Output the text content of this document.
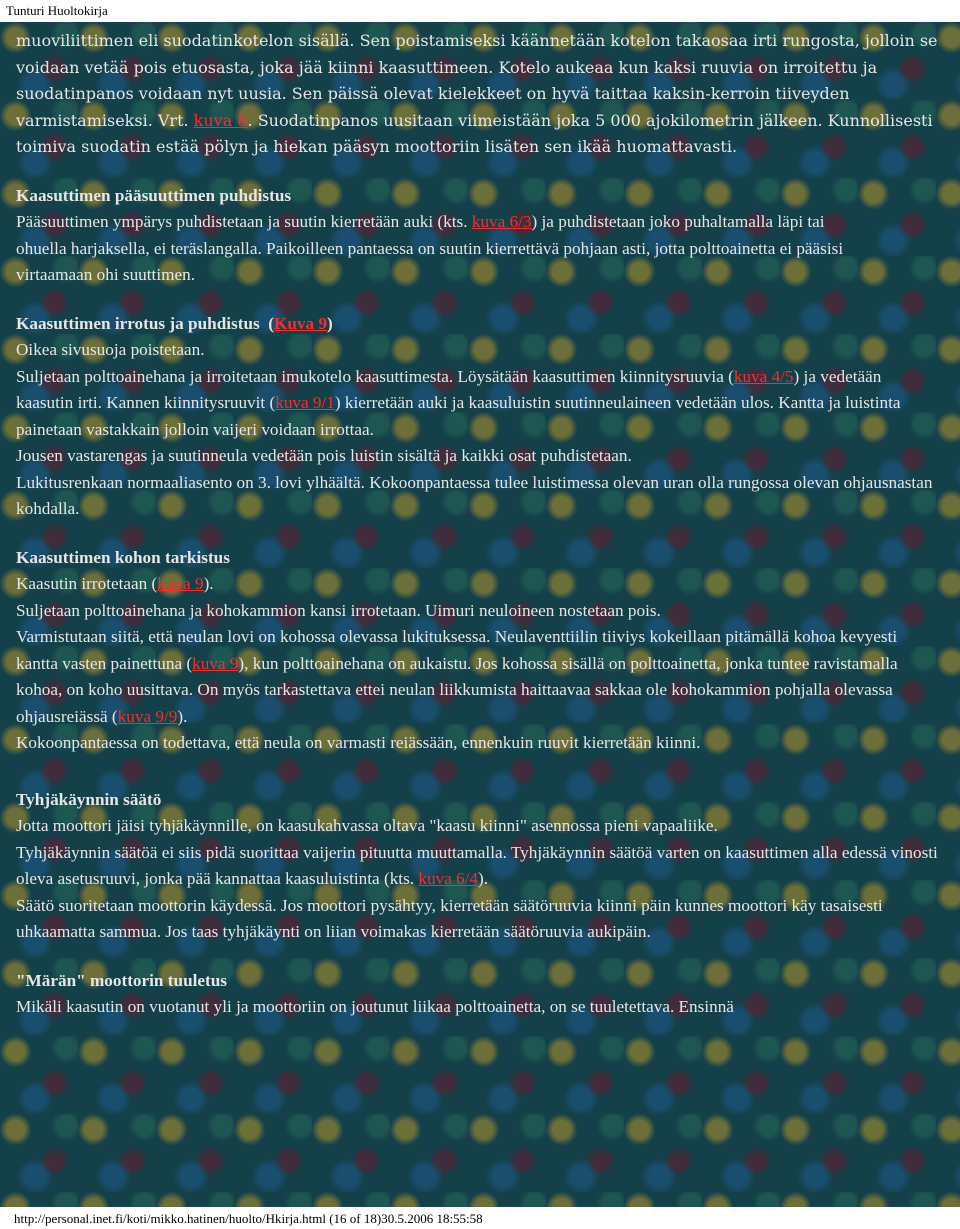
Tunturi Huoltokirja

muoviliittimen eli suodatinkotelon sisällä. Sen poistamiseksi käännetään kotelon takaosaa irti rungosta, jolloin se voidaan vetää pois etuosasta, joka jää kiinni kaasuttimeen. Kotelo aukeaa kun kaksi ruuvia on irroitettu ja suodatinpanos voidaan nyt uusia. Sen päissä olevat kielekkeet on hyvä taittaa kaksin-kerroin tiiveyden varmistamiseksi. Vrt. kuva 8. Suodatinpanos uusitaan viimeistään joka 5 000 ajokilometrin jälkeen. Kunnollisesti toimiva suodatin estää pölyn ja hiekan pääsyn moottoriin lisäten sen ikää huomattavasti.

Kaasuttimen pääsuuttimen puhdistus

Pääsuuttimen ympärys puhdistetaan ja suutin kierretään auki (kts. kuva 6/3) ja puhdistetaan joko puhaltamalla läpi tai

ohuella harjaksella, ei teräslangalla. Paikoilleen pantaessa on suutin kierrettävä pohjaan asti, jotta polttoainetta ei pääsisi

virtaamaan ohi suuttimen.

Kaasuttimen irrotus ja puhdistus (Kuva 9)

Oikea sivusuoja poistetaan.

Suljetaan polttoainehana ja irroitetaan imukotelo kaasuttimesta. Löysätään kaasuttimen kiinnitysruuvia (kuva 4/5) ja vedetään kaasutin irti. Kannen kiinnitysruuvit (kuva 9/1) kierretään auki ja kaasuluistin suutinneulaineen vedetään ulos. Kantta ja luistinta painetaan vastakkain jolloin vaijeri voidaan irrottaa.

Jousen vastarengas ja suutinneula vedetään pois luistin sisältä ja kaikki osat puhdistetaan.

Lukitusrenkaan normaaliasento on 3. lovi ylhäältä. Kokoonpantaessa tulee luistimessa olevan uran olla rungossa olevan ohjausnastan kohdalla.

Kaasuttimen kohon tarkistus

Kaasutin irrotetaan (kuva 9).

Suljetaan polttoainehana ja kohokammion kansi irrotetaan. Uimuri neuloineen nostetaan pois.

Varmistutaan siitä, että neulan lovi on kohossa olevassa lukituksessa. Neulaventtiilin tiiviys kokeillaan pitämällä kohoa kevyesti kantta vasten painettuna (kuva 9), kun polttoainehana on aukaistu. Jos kohossa sisällä on polttoainetta, jonka tuntee ravistamalla kohoa, on koho uusittava. On myös tarkastettava ettei neulan liikkumista haittaavaa sakkaa ole kohokammion pohjalla olevassa ohjausreiässä (kuva 9/9).

Kokoonpantaessa on todettava, että neula on varmasti reiässään, ennenkuin ruuvit kierretään kiinni.

Tyhjäkäynnin säätö

Jotta moottori jäisi tyhjäkäynnille, on kaasukahvassa oltava "kaasu kiinni" asennossa pieni vapaaliike.

Tyhjäkäynnin säätöä ei siis pidä suorittaa vaijerin pituutta muuttamalla. Tyhjäkäynnin säätöä varten on kaasuttimen alla edessä vinosti oleva asetusruuvi, jonka pää kannattaa kaasuluistinta (kts. kuva 6/4).

Säätö suoritetaan moottorin käydessä. Jos moottori pysähtyy, kierretään säätöruuvia kiinni päin kunnes moottori käy tasaisesti uhkaamatta sammua. Jos taas tyhjäkäynti on liian voimakas kierretään säätöruuvia aukipäin.

"Märän" moottorin tuuletus

Mikäli kaasutin on vuotanut yli ja moottoriin on joutunut liikaa polttoainetta, on se tuuletettava. Ensinnä

http://personal.inet.fi/koti/mikko.hatinen/huolto/Hkirja.html (16 of 18)30.5.2006 18:55:58
